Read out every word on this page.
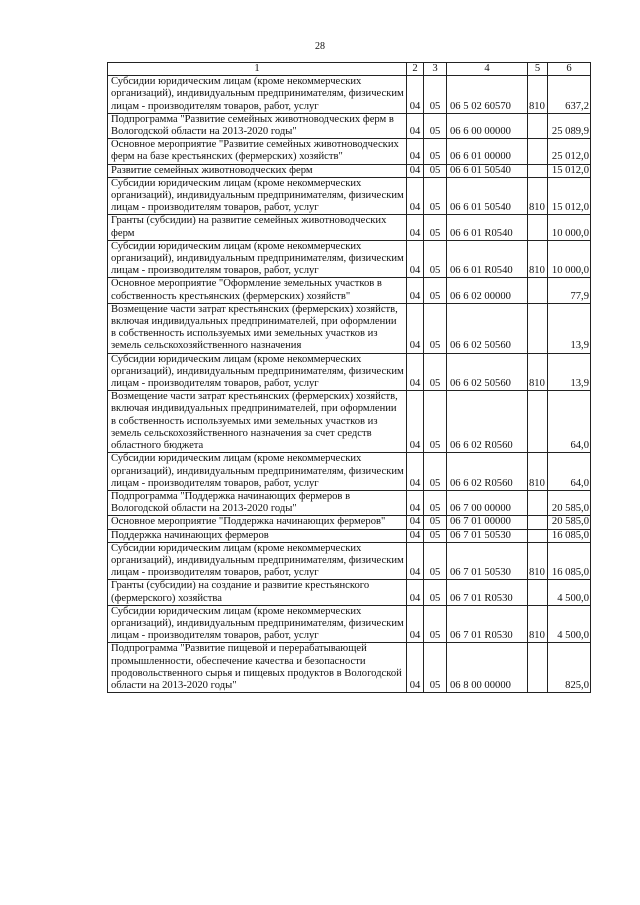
28
1	2	3	4	5	6
Субсидии юридическим лицам (кроме некоммерческих организаций), индивидуальным предпринимателям, физическим лицам - производителям товаров, работ, услуг	04	05	06 5 02 60570	810	637,2
Подпрограмма "Развитие семейных животноводческих ферм в Вологодской области на 2013-2020 годы"	04	05	06 6 00 00000		25 089,9
Основное мероприятие "Развитие семейных животноводческих ферм на базе крестьянских (фермерских) хозяйств"	04	05	06 6 01 00000		25 012,0
Развитие семейных животноводческих ферм	04	05	06 6 01 50540		15 012,0
Субсидии юридическим лицам (кроме некоммерческих организаций), индивидуальным предпринимателям, физическим лицам - производителям товаров, работ, услуг	04	05	06 6 01 50540	810	15 012,0
Гранты (субсидии) на развитие семейных животноводческих ферм	04	05	06 6 01 R0540		10 000,0
Субсидии юридическим лицам (кроме некоммерческих организаций), индивидуальным предпринимателям, физическим лицам - производителям товаров, работ, услуг	04	05	06 6 01 R0540	810	10 000,0
Основное мероприятие "Оформление земельных участков в собственность крестьянских (фермерских) хозяйств"	04	05	06 6 02 00000		77,9
Возмещение части затрат крестьянских (фермерских) хозяйств, включая индивидуальных предпринимателей, при оформлении в собственность используемых ими земельных участков из земель сельскохозяйственного назначения	04	05	06 6 02 50560		13,9
Субсидии юридическим лицам (кроме некоммерческих организаций), индивидуальным предпринимателям, физическим лицам - производителям товаров, работ, услуг	04	05	06 6 02 50560	810	13,9
Возмещение части затрат крестьянских (фермерских) хозяйств, включая индивидуальных предпринимателей, при оформлении в собственность используемых ими земельных участков из земель сельскохозяйственного назначения за счет средств областного бюджета	04	05	06 6 02 R0560		64,0
Субсидии юридическим лицам (кроме некоммерческих организаций), индивидуальным предпринимателям, физическим лицам - производителям товаров, работ, услуг	04	05	06 6 02 R0560	810	64,0
Подпрограмма "Поддержка начинающих фермеров в Вологодской области на 2013-2020 годы"	04	05	06 7 00 00000		20 585,0
Основное мероприятие "Поддержка начинающих фермеров"	04	05	06 7 01 00000		20 585,0
Поддержка начинающих фермеров	04	05	06 7 01 50530		16 085,0
Субсидии юридическим лицам (кроме некоммерческих организаций), индивидуальным предпринимателям, физическим лицам - производителям товаров, работ, услуг	04	05	06 7 01 50530	810	16 085,0
Гранты (субсидии) на создание и развитие крестьянского (фермерского) хозяйства	04	05	06 7 01 R0530		4 500,0
Субсидии юридическим лицам (кроме некоммерческих организаций), индивидуальным предпринимателям, физическим лицам - производителям товаров, работ, услуг	04	05	06 7 01 R0530	810	4 500,0
Подпрограмма "Развитие пищевой и перерабатывающей промышленности, обеспечение качества и безопасности продовольственного сырья и пищевых продуктов в Вологодской области на 2013-2020 годы"	04	05	06 8 00 00000		825,0
